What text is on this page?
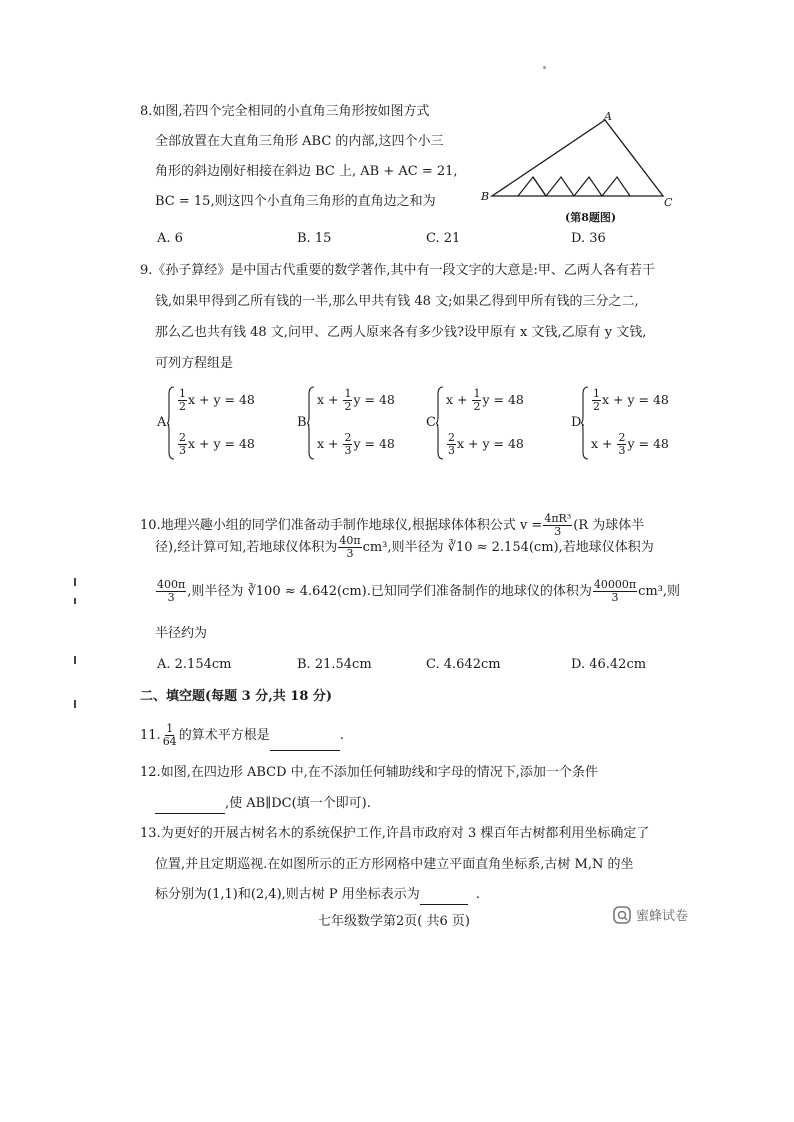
8.如图,若四个完全相同的小直角三角形按如图方式
全部放置在大直角三角形 ABC 的内部,这四个小三
角形的斜边刚好相接在斜边 BC 上, AB + AC = 21,
BC = 15,则这四个小直角三角形的直角边之和为
A
B	C
(第8题图)
A. 6	B. 15	C. 21	D. 36
9.《孙子算经》是中国古代重要的数学著作,其中有一段文字的大意是:甲、乙两人各有若干
钱,如果甲得到乙所有钱的一半,那么甲共有钱 48 文;如果乙得到甲所有钱的三分之二,
那么乙也共有钱 48 文,问甲、乙两人原来各有多少钱?设甲原有 x 文钱,乙原有 y 文钱,
可列方程组是
A.
$\frac{1}{2}$ x + y = 48
$\frac{2}{3}$ x + y = 48
B.
$x + \frac{1}{2}$ y = 48
$x + \frac{2}{3}$ y = 48
C.
$x + \frac{1}{2}$ y = 48
$\frac{2}{3}$ x + y = 48
D.
$\frac{1}{2}$ x + y = 48
$x + \frac{2}{3}$ y = 48
10.地理兴趣小组的同学们准备动手制作地球仪,根据球体体积公式 $v = \frac{\text{4πR³}}{3} (R$ 为球体半
径),经计算可知,若地球仪体积为 $\frac{40\pi}{3} cm^3$,则半径为 ∛10 ≈ 2.154(cm),若地球仪体积为
$\frac{400\pi}{3}$ ,则半径为 ∛100 ≈ 4.642(cm).已知同学们准备制作的地球仪的体积为 $\frac{40000\pi}{3} cm^3$,则
半径约为
A. 2.154cm	B. 21.54cm	C. 4.642cm	D. 46.42cm
二、填空题(每题 3 分,共 18 分)
11. $\frac{1}{64}$ 的算术平方根是	.
12.如图,在四边形 ABCD 中,在不添加任何辅助线和字母的情况下,添加一个条件
,使 AB∥DC(填一个即可).
13.为更好的开展古树名木的系统保护工作,许昌市政府对 3 棵百年古树都利用坐标确定了
位置,并且定期巡视.在如图所示的正方形网格中建立平面直角坐标系,古树 M,N 的坐
标分别为(1,1)和(2,4),则古树 P 用坐标表示为	.
七年级数学第2页( 共6 页)	蜜蜂试卷
